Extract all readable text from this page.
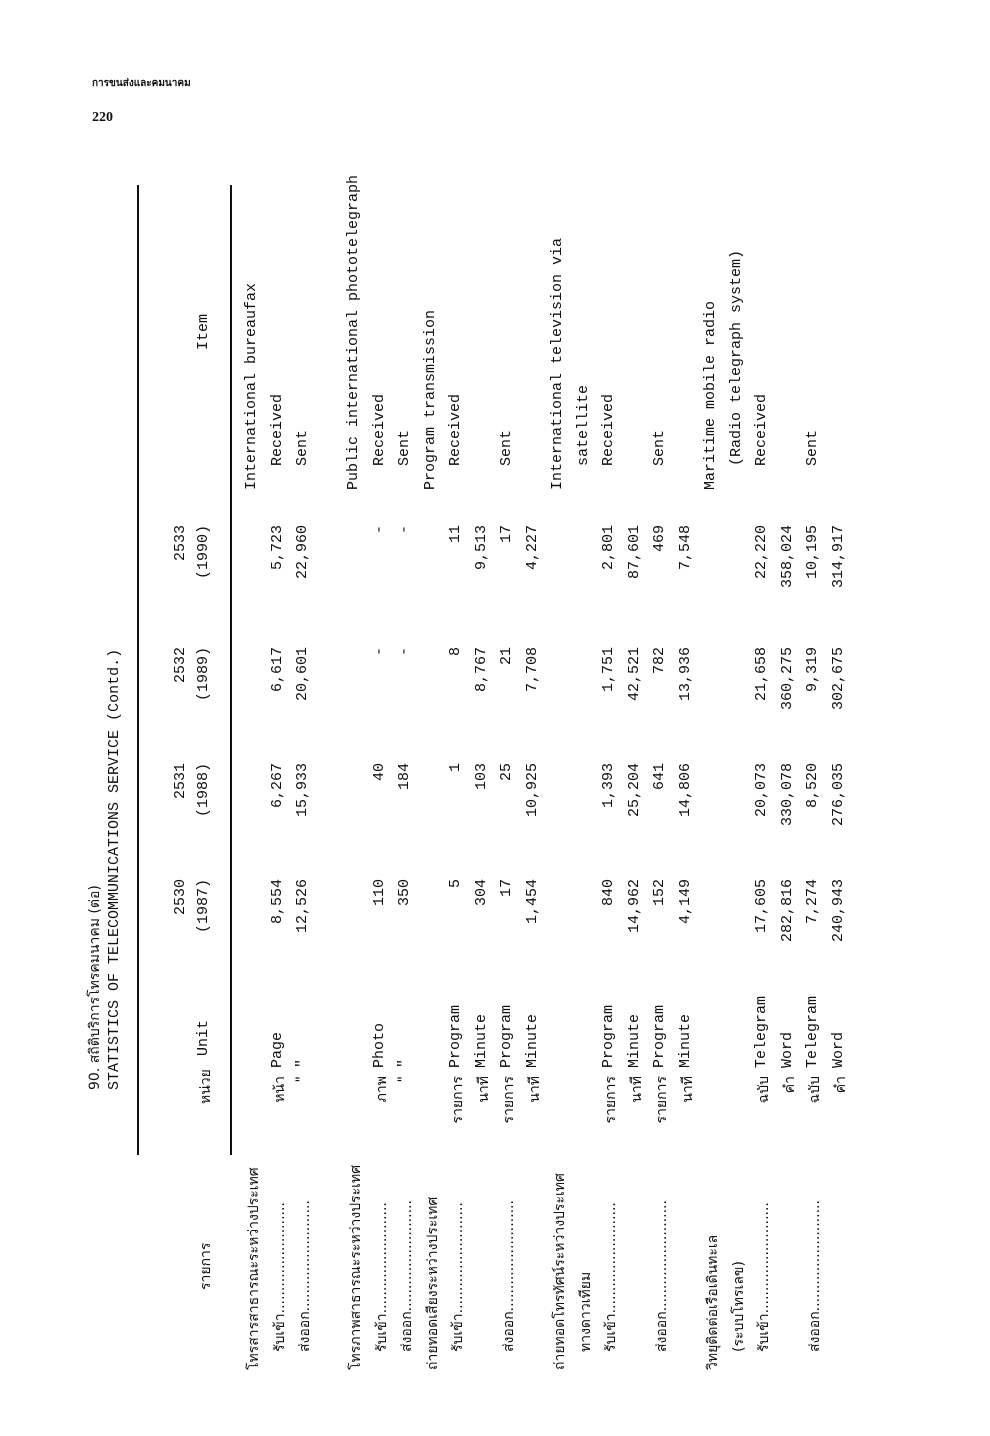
การขนส่งและคมนาคม
220
90. สถิติบริการโทรคมนาคม (ต่อ) STATISTICS OF TELECOMMUNICATIONS SERVICE (Contd.)
รายการ
หน่วย
Unit
2530 (1987)
2531 (1988)
2532 (1989)
2533 (1990)
Item
โทรสารสาธารณะระหว่างประเทศ
International bureaufax
รับเข้า.........................
หน้า
Page
8,554
6,267
6,617
5,723
Received
ส่งออก.........................
"
"
12,526
15,933
20,601
22,960
Sent
โทรภาพสาธารณะระหว่างประเทศ
Public international phototelegraph
รับเข้า.........................
ภาพ
Photo
110
40
-
-
Received
ส่งออก.........................
"
"
350
184
-
-
Sent
ถ่ายทอดเสียงระหว่างประเทศ
Program transmission
รับเข้า.........................
รายการ
Program
5
1
8
11
Received
นาที
Minute
304
103
8,767
9,513
ส่งออก.........................
รายการ
Program
17
25
21
17
Sent
นาที
Minute
1,454
10,925
7,708
4,227
ถ่ายทอดโทรทัศน์ระหว่างประเทศ
International television via
ทางดาวเทียม
satellite
รับเข้า.........................
รายการ
Program
840
1,393
1,751
2,801
Received
นาที
Minute
14,962
25,204
42,521
87,601
ส่งออก.........................
รายการ
Program
152
641
782
469
Sent
นาที
Minute
4,149
14,806
13,936
7,548
วิทยุติดต่อเรือเดินทะเล
Maritime mobile radio
(ระบบโทรเลข)
(Radio telegraph system)
รับเข้า.........................
ฉบับ
Telegram
17,605
20,073
21,658
22,220
Received
คำ
Word
282,816
330,078
360,275
358,024
ส่งออก.........................
ฉบับ
Telegram
7,274
8,520
9,319
10,195
Sent
คำ
Word
240,943
276,035
302,675
314,917
